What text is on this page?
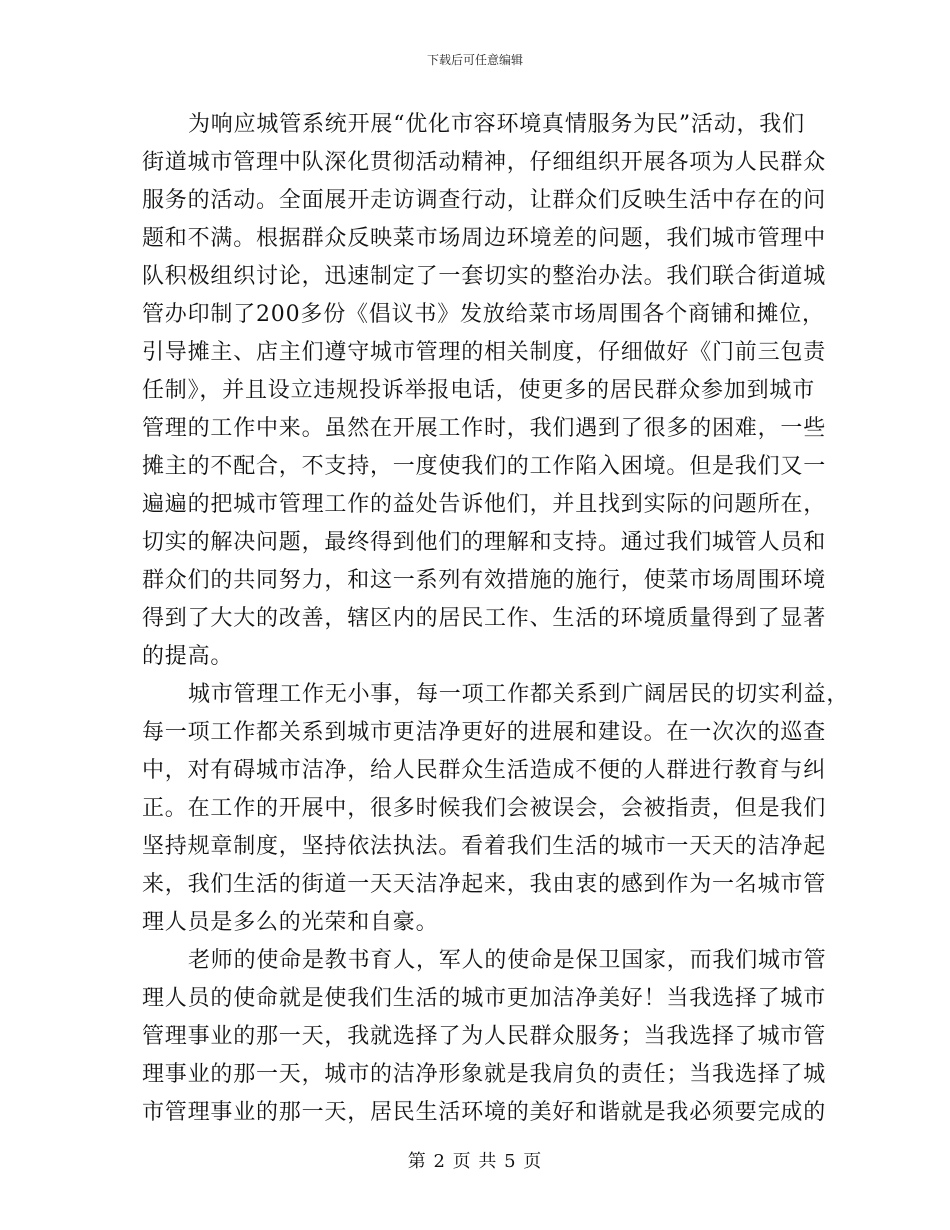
下载后可任意编辑

为响应城管系统开展“优化市容环境真情服务为民”活动，我们
街道城市管理中队深化贯彻活动精神，仔细组织开展各项为人民群众
服务的活动。全面展开走访调查行动，让群众们反映生活中存在的问
题和不满。根据群众反映菜市场周边环境差的问题，我们城市管理中
队积极组织讨论，迅速制定了一套切实的整治办法。我们联合街道城
管办印制了200多份《倡议书》发放给菜市场周围各个商铺和摊位，
引导摊主、店主们遵守城市管理的相关制度，仔细做好《门前三包责
任制》，并且设立违规投诉举报电话，使更多的居民群众参加到城市
管理的工作中来。虽然在开展工作时，我们遇到了很多的困难，一些
摊主的不配合，不支持，一度使我们的工作陷入困境。但是我们又一
遍遍的把城市管理工作的益处告诉他们，并且找到实际的问题所在，
切实的解决问题，最终得到他们的理解和支持。通过我们城管人员和
群众们的共同努力，和这一系列有效措施的施行，使菜市场周围环境
得到了大大的改善，辖区内的居民工作、生活的环境质量得到了显著
的提高。

城市管理工作无小事，每一项工作都关系到广阔居民的切实利益，
每一项工作都关系到城市更洁净更好的进展和建设。在一次次的巡查
中，对有碍城市洁净，给人民群众生活造成不便的人群进行教育与纠
正。在工作的开展中，很多时候我们会被误会，会被指责，但是我们
坚持规章制度，坚持依法执法。看着我们生活的城市一天天的洁净起
来，我们生活的街道一天天洁净起来，我由衷的感到作为一名城市管
理人员是多么的光荣和自豪。

老师的使命是教书育人，军人的使命是保卫国家，而我们城市管
理人员的使命就是使我们生活的城市更加洁净美好！当我选择了城市
管理事业的那一天，我就选择了为人民群众服务；当我选择了城市管
理事业的那一天，城市的洁净形象就是我肩负的责任；当我选择了城
市管理事业的那一天，居民生活环境的美好和谐就是我必须要完成的

第 2 页 共 5 页
